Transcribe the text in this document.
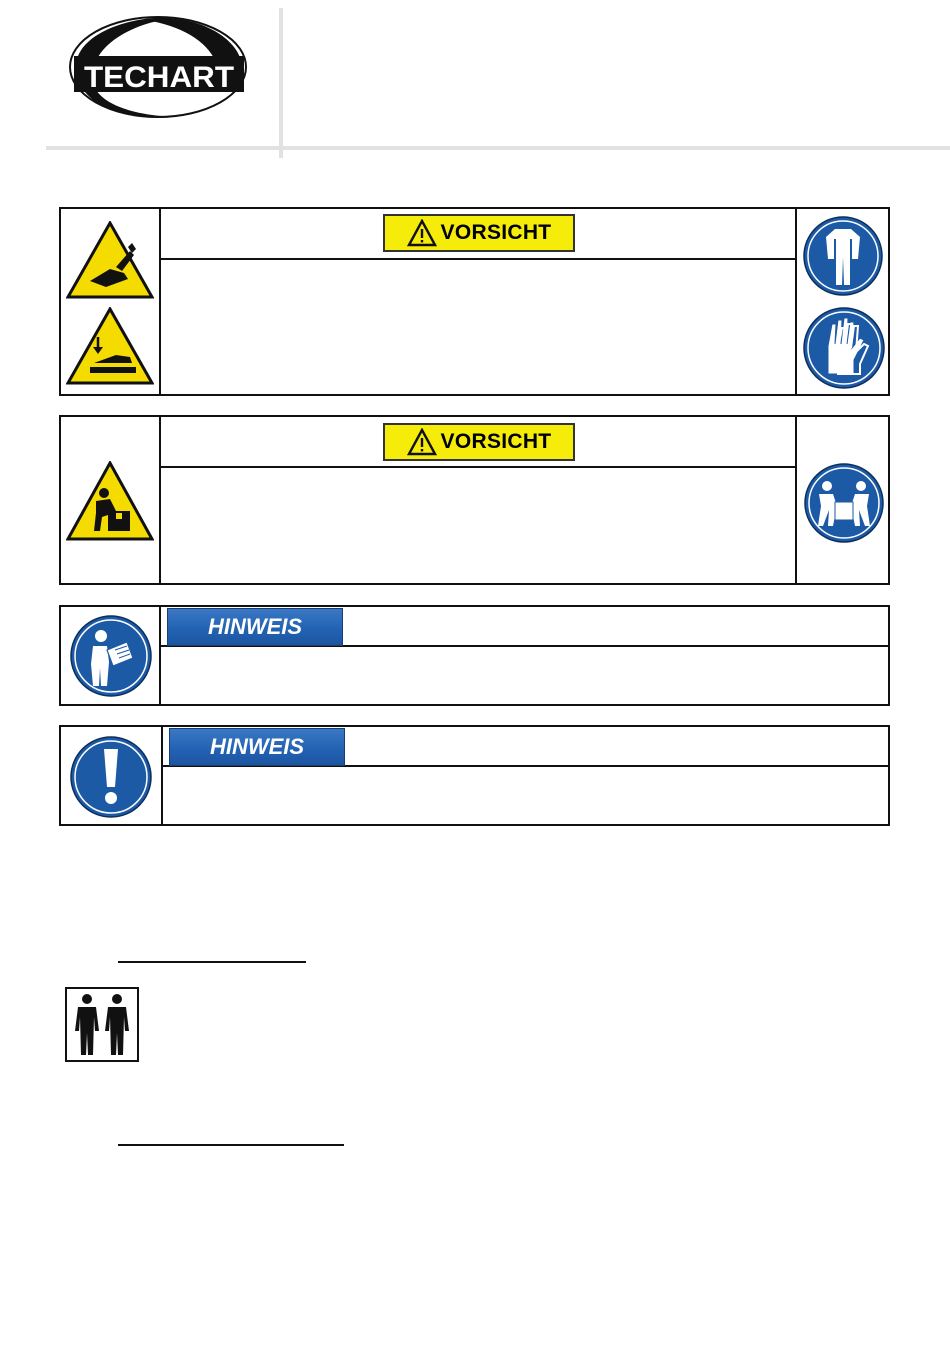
TECHART
VORSICHT
VORSICHT
HINWEIS
HINWEIS
